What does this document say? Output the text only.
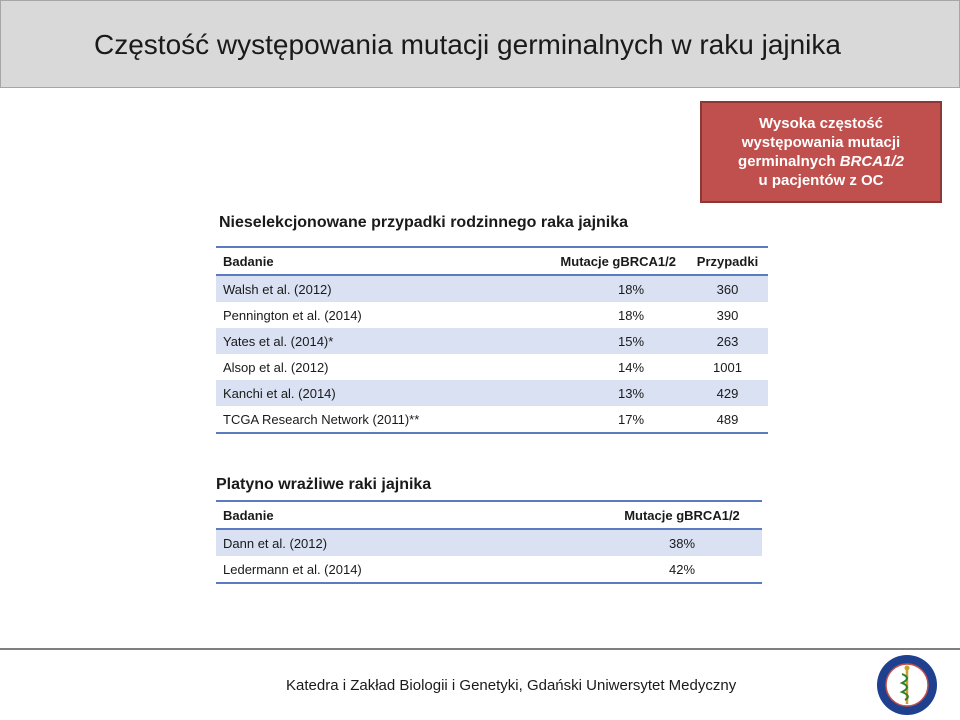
Częstość występowania mutacji germinalnych w raku jajnika
Wysoka częstość
występowania mutacji
germinalnych BRCA1/2
u pacjentów z OC
Nieselekcjonowane przypadki rodzinnego raka jajnika
Badanie	Mutacje gBRCA1/2	Przypadki
Walsh et al. (2012)	18%	360
Pennington et al. (2014)	18%	390
Yates et al. (2014)*	15%	263
Alsop et al. (2012)	14%	1001
Kanchi et al. (2014)	13%	429
TCGA Research Network (2011)**	17%	489
Platyno wrażliwe raki jajnika
Badanie	Mutacje gBRCA1/2
Dann et al. (2012)	38%
Ledermann et al. (2014)	42%
Katedra i Zakład Biologii i Genetyki, Gdański Uniwersytet Medyczny
